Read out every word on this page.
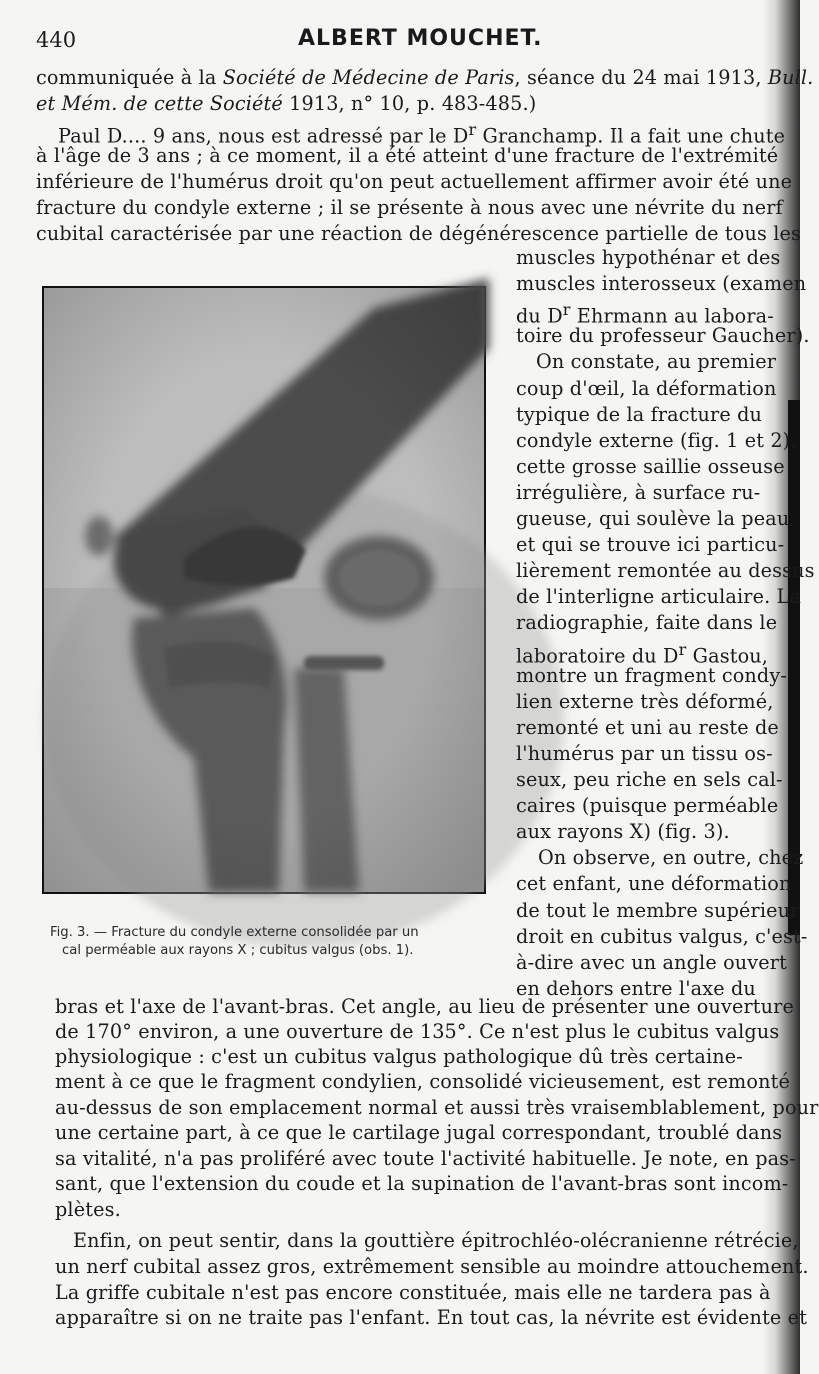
440	ALBERT MOUCHET.

communiquée à la Société de Médecine de Paris, séance du 24 mai 1913, Bull.

et Mém. de cette Société 1913, n° 10, p. 483-485.)

Paul D.... 9 ans, nous est adressé par le $D^r$ Granchamp. Il a fait une chute

à l'âge de 3 ans ; à ce moment, il a été atteint d'une fracture de l'extrémité

inférieure de l'humérus droit qu'on peut actuellement affirmer avoir été une

fracture du condyle externe ; il se présente à nous avec une névrite du nerf

cubital caractérisée par une réaction de dégénérescence partielle de tous les

Fig. 3. — Fracture du condyle externe consolidée par un

cal perméable aux rayons X ; cubitus valgus (obs. 1).

muscles hypothénar et des

muscles interosseux (examen

du $D^r$ Ehrmann au labora-

toire du professeur Gaucher).

On constate, au premier

coup d'œil, la déformation

typique de la fracture du

condyle externe (fig. 1 et 2),

cette grosse saillie osseuse

irrégulière, à surface ru-

gueuse, qui soulève la peau

et qui se trouve ici particu-

lièrement remontée au dessus

de l'interligne articulaire. La

radiographie, faite dans le

laboratoire du $D^r$ Gastou,

montre un fragment condy-

lien externe très déformé,

remonté et uni au reste de

l'humérus par un tissu os-

seux, peu riche en sels cal-

caires (puisque perméable

aux rayons X) (fig. 3).

On observe, en outre, chez

cet enfant, une déformation

de tout le membre supérieur

droit en cubitus valgus, c'est-

à-dire avec un angle ouvert

en dehors entre l'axe du

bras et l'axe de l'avant-bras. Cet angle, au lieu de présenter une ouverture

de 170° environ, a une ouverture de 135°. Ce n'est plus le cubitus valgus

physiologique : c'est un cubitus valgus pathologique dû très certaine-

ment à ce que le fragment condylien, consolidé vicieusement, est remonté

au-dessus de son emplacement normal et aussi très vraisemblablement, pour

une certaine part, à ce que le cartilage jugal correspondant, troublé dans

sa vitalité, n'a pas proliféré avec toute l'activité habituelle. Je note, en pas-

sant, que l'extension du coude et la supination de l'avant-bras sont incom-

plètes.

Enfin, on peut sentir, dans la gouttière épitrochléo-olécranienne rétrécie,

un nerf cubital assez gros, extrêmement sensible au moindre attouchement.

La griffe cubitale n'est pas encore constituée, mais elle ne tardera pas à

apparaître si on ne traite pas l'enfant. En tout cas, la névrite est évidente et
